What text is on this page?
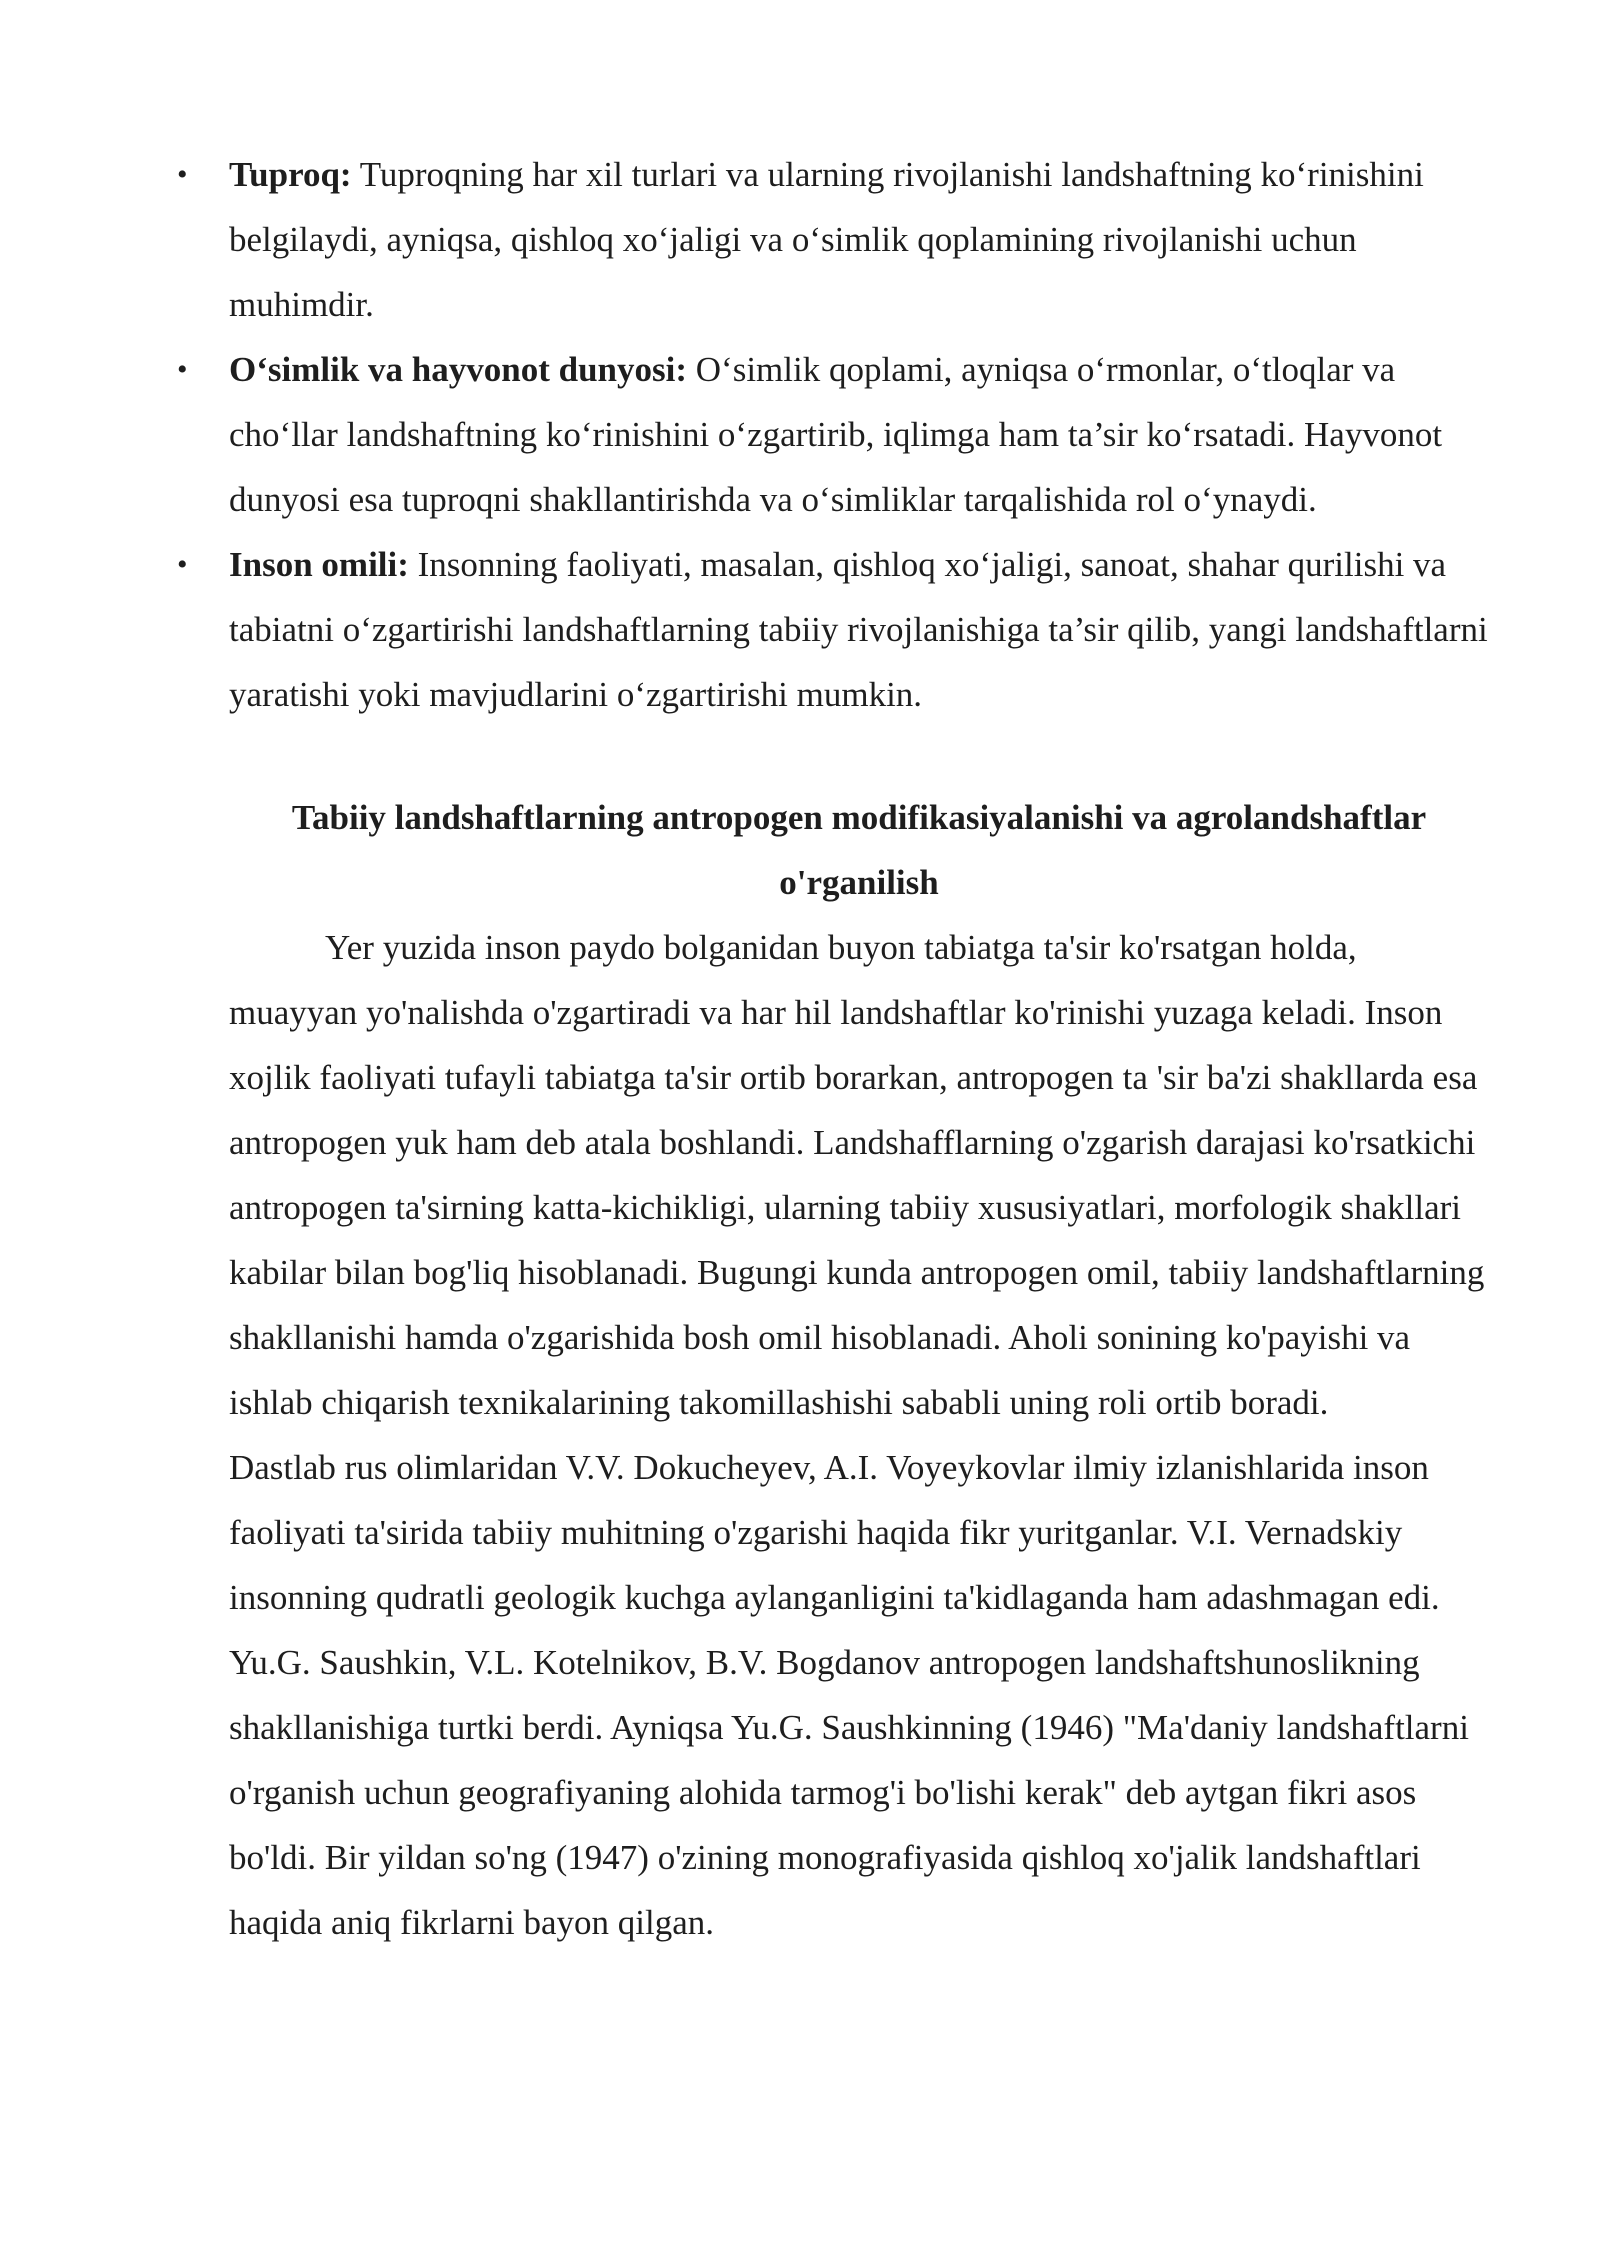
• Tuproq: Tuproqning har xil turlari va ularning rivojlanishi landshaftning ko‘rinishini belgilaydi, ayniqsa, qishloq xo‘jaligi va o‘simlik qoplamining rivojlanishi uchun muhimdir.
• O‘simlik va hayvonot dunyosi: O‘simlik qoplami, ayniqsa o‘rmonlar, o‘tloqlar va cho‘llar landshaftning ko‘rinishini o‘zgartirib, iqlimga ham ta’sir ko‘rsatadi. Hayvonot dunyosi esa tuproqni shakllantirishda va o‘simliklar tarqalishida rol o‘ynaydi.
• Inson omili: Insonning faoliyati, masalan, qishloq xo‘jaligi, sanoat, shahar qurilishi va tabiatni o‘zgartirishi landshaftlarning tabiiy rivojlanishiga ta’sir qilib, yangi landshaftlarni yaratishi yoki mavjudlarini o‘zgartirishi mumkin.
Tabiiy landshaftlarning antropogen modifikasiyalanishi va agrolandshaftlar o'rganilish

Yer yuzida inson paydo bolganidan buyon tabiatga ta'sir ko'rsatgan holda, muayyan yo'nalishda o'zgartiradi va har hil landshaftlar ko'rinishi yuzaga keladi. Inson xojlik faoliyati tufayli tabiatga ta'sir ortib borarkan, antropogen ta 'sir ba'zi shakllarda esa antropogen yuk ham deb atala boshlandi. Landshafflarning o'zgarish darajasi ko'rsatkichi antropogen ta'sirning katta-kichikligi, ularning tabiiy xususiyatlari, morfologik shakllari kabilar bilan bog'liq hisoblanadi. Bugungi kunda antropogen omil, tabiiy landshaftlarning shakllanishi hamda o'zgarishida bosh omil hisoblanadi. Aholi sonining ko'payishi va ishlab chiqarish texnikalarining takomillashishi sababli uning roli ortib boradi.

Dastlab rus olimlaridan V.V. Dokucheyev, A.I. Voyeykovlar ilmiy izlanishlarida inson faoliyati ta'sirida tabiiy muhitning o'zgarishi haqida fikr yuritganlar. V.I. Vernadskiy insonning qudratli geologik kuchga aylanganligini ta'kidlaganda ham adashmagan edi. Yu.G. Saushkin, V.L. Kotelnikov, B.V. Bogdanov antropogen landshaftshunoslikning shakllanishiga turtki berdi. Ayniqsa Yu.G. Saushkinning (1946) "Ma'daniy landshaftlarni o'rganish uchun geografiyaning alohida tarmog'i bo'lishi kerak" deb aytgan fikri asos bo'ldi. Bir yildan so'ng (1947) o'zining monografiyasida qishloq xo'jalik landshaftlari haqida aniq fikrlarni bayon qilgan.
